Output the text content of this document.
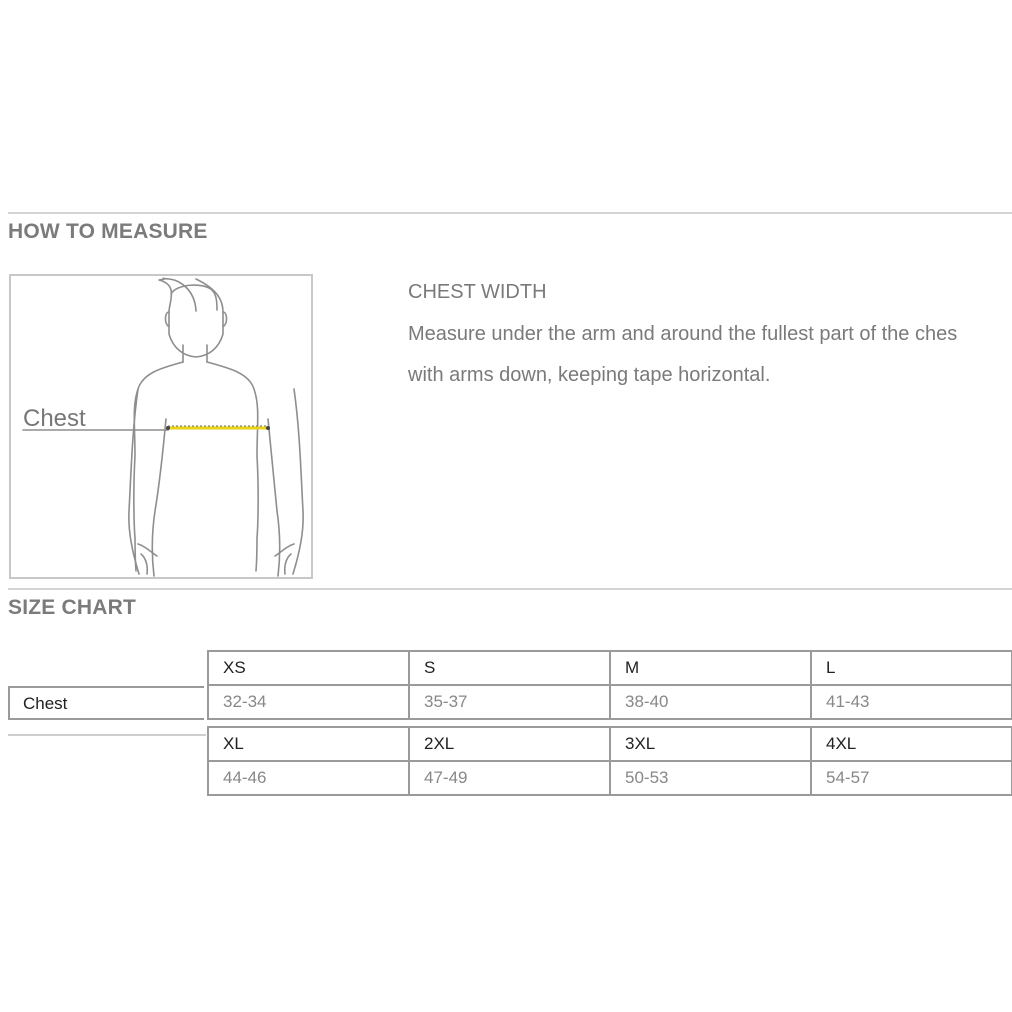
HOW TO MEASURE
Chest
CHEST WIDTH

Measure under the arm and around the fullest part of the ches
with arms down, keeping tape horizontal.

SIZE CHART
Chest
XS	S	M	L
32-34	35-37	38-40	41-43
XL	2XL	3XL	4XL
44-46	47-49	50-53	54-57
